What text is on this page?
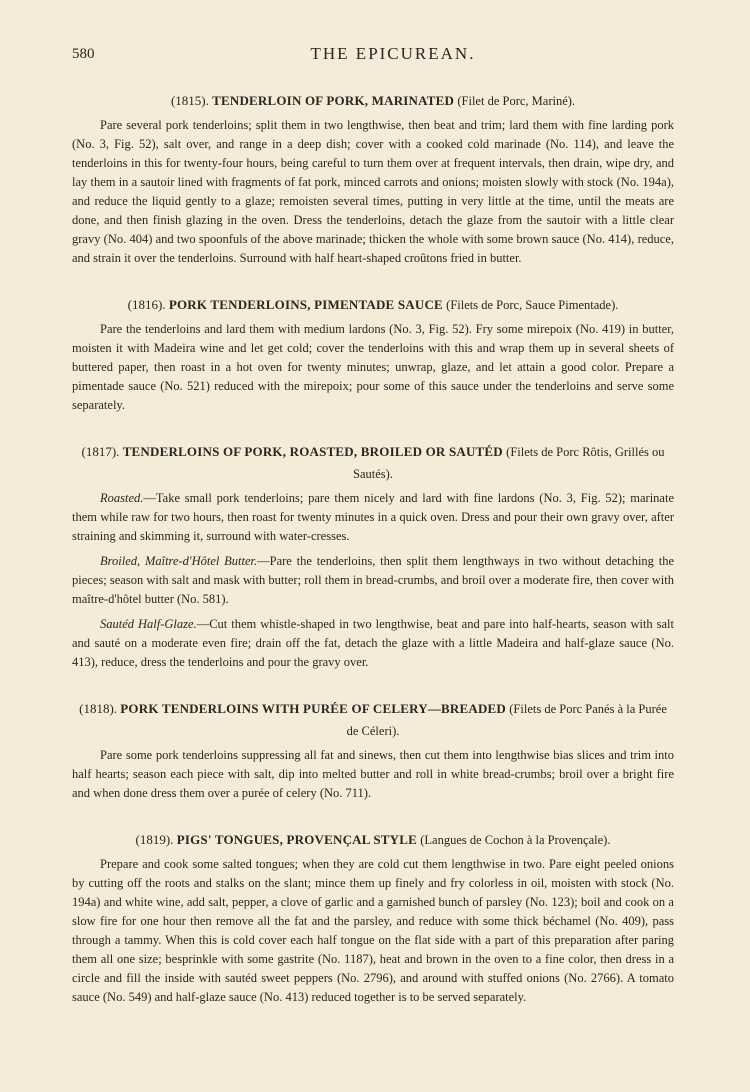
580	THE EPICUREAN.
(1815). TENDERLOIN OF PORK, MARINATED (Filet de Porc, Mariné).

Pare several pork tenderloins; split them in two lengthwise, then beat and trim; lard them with fine larding pork (No. 3, Fig. 52), salt over, and range in a deep dish; cover with a cooked cold marinade (No. 114), and leave the tenderloins in this for twenty-four hours, being careful to turn them over at frequent intervals, then drain, wipe dry, and lay them in a sautoir lined with fragments of fat pork, minced carrots and onions; moisten slowly with stock (No. 194a), and reduce the liquid gently to a glaze; remoisten several times, putting in very little at the time, until the meats are done, and then finish glazing in the oven. Dress the tenderloins, detach the glaze from the sautoir with a little clear gravy (No. 404) and two spoonfuls of the above marinade; thicken the whole with some brown sauce (No. 414), reduce, and strain it over the tenderloins. Surround with half heart-shaped croûtons fried in butter.

(1816). PORK TENDERLOINS, PIMENTADE SAUCE (Filets de Porc, Sauce Pimentade).

Pare the tenderloins and lard them with medium lardons (No. 3, Fig. 52). Fry some mirepoix (No. 419) in butter, moisten it with Madeira wine and let get cold; cover the tenderloins with this and wrap them up in several sheets of buttered paper, then roast in a hot oven for twenty minutes; unwrap, glaze, and let attain a good color. Prepare a pimentade sauce (No. 521) reduced with the mirepoix; pour some of this sauce under the tenderloins and serve some separately.

(1817). TENDERLOINS OF PORK, ROASTED, BROILED OR SAUTÉD (Filets de Porc Rôtis, Grillés ou Sautés).

Roasted.—Take small pork tenderloins; pare them nicely and lard with fine lardons (No. 3, Fig. 52); marinate them while raw for two hours, then roast for twenty minutes in a quick oven. Dress and pour their own gravy over, after straining and skimming it, surround with water-cresses.

Broiled, Maître-d'Hôtel Butter.—Pare the tenderloins, then split them lengthways in two without detaching the pieces; season with salt and mask with butter; roll them in bread-crumbs, and broil over a moderate fire, then cover with maître-d'hôtel butter (No. 581).

Sautéd Half-Glaze.—Cut them whistle-shaped in two lengthwise, beat and pare into half-hearts, season with salt and sauté on a moderate even fire; drain off the fat, detach the glaze with a little Madeira and half-glaze sauce (No. 413), reduce, dress the tenderloins and pour the gravy over.

(1818). PORK TENDERLOINS WITH PURÉE OF CELERY—BREADED (Filets de Porc Panés à la Purée de Céleri).

Pare some pork tenderloins suppressing all fat and sinews, then cut them into lengthwise bias slices and trim into half hearts; season each piece with salt, dip into melted butter and roll in white bread-crumbs; broil over a bright fire and when done dress them over a purée of celery (No. 711).

(1819). PIGS' TONGUES, PROVENÇAL STYLE (Langues de Cochon à la Provençale).

Prepare and cook some salted tongues; when they are cold cut them lengthwise in two. Pare eight peeled onions by cutting off the roots and stalks on the slant; mince them up finely and fry colorless in oil, moisten with stock (No. 194a) and white wine, add salt, pepper, a clove of garlic and a garnished bunch of parsley (No. 123); boil and cook on a slow fire for one hour then remove all the fat and the parsley, and reduce with some thick béchamel (No. 409), pass through a tammy. When this is cold cover each half tongue on the flat side with a part of this preparation after paring them all one size; besprinkle with some gastrite (No. 1187), heat and brown in the oven to a fine color, then dress in a circle and fill the inside with sautéd sweet peppers (No. 2796), and around with stuffed onions (No. 2766). A tomato sauce (No. 549) and half-glaze sauce (No. 413) reduced together is to be served separately.
